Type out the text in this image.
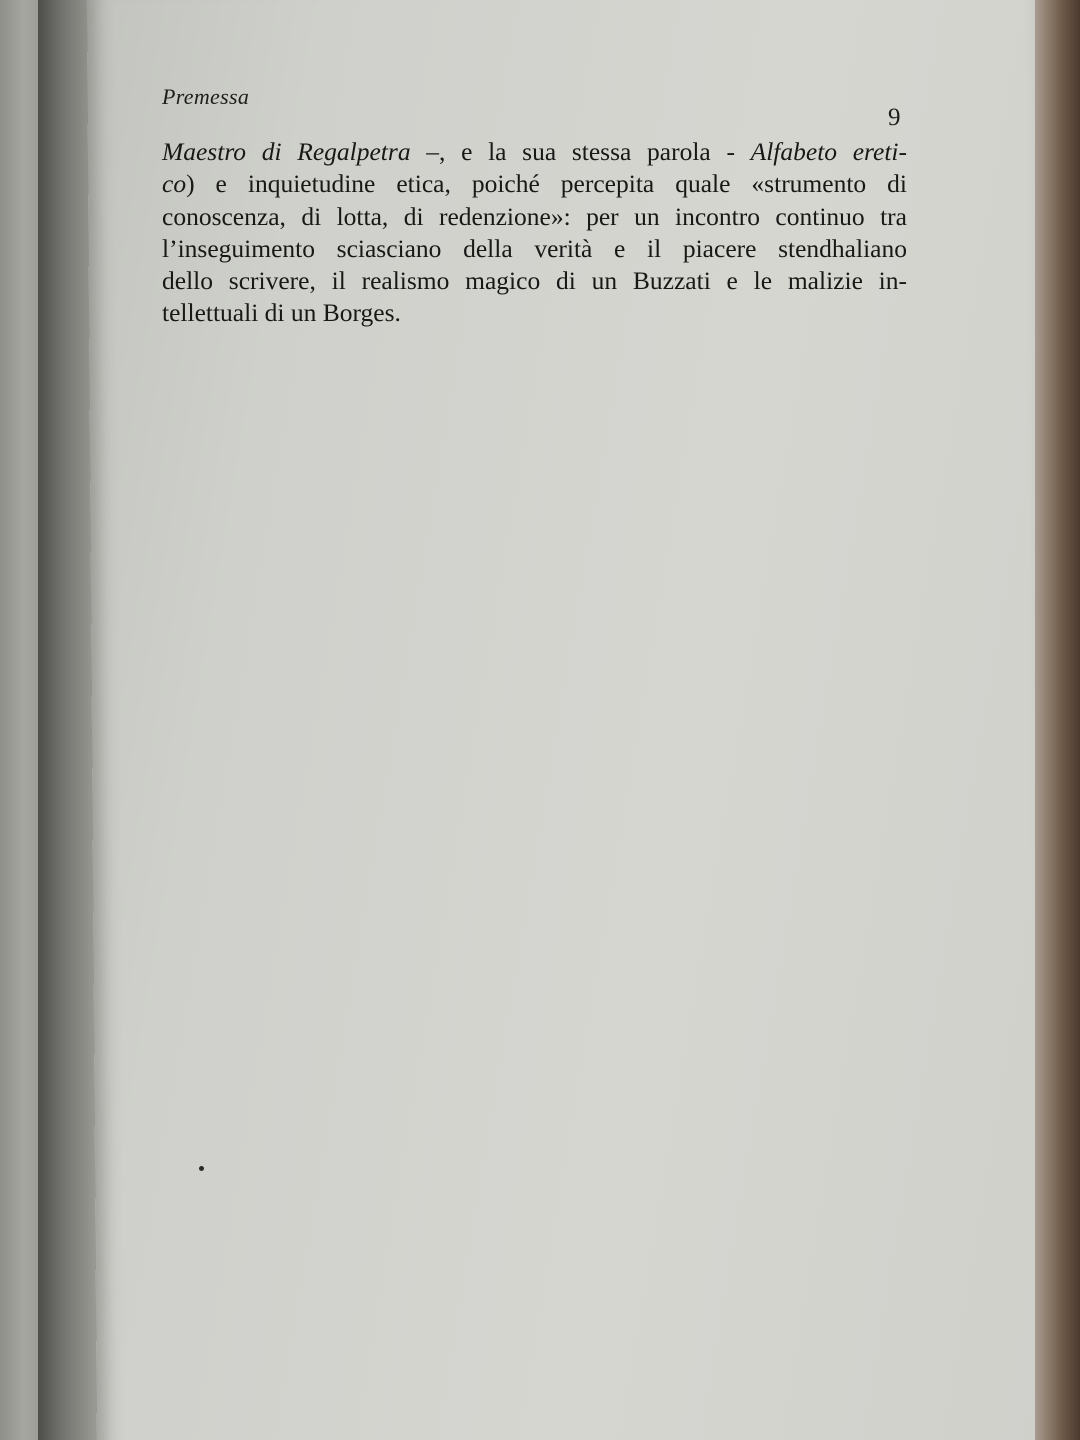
Premessa

9

Maestro di Regalpetra –, e la sua stessa parola - Alfabeto ereti-
co) e inquietudine etica, poiché percepita quale «strumento di
conoscenza, di lotta, di redenzione»: per un incontro continuo tra
l’inseguimento sciasciano della verità e il piacere stendhaliano
dello scrivere, il realismo magico di un Buzzati e le malizie in-
tellettuali di un Borges.
